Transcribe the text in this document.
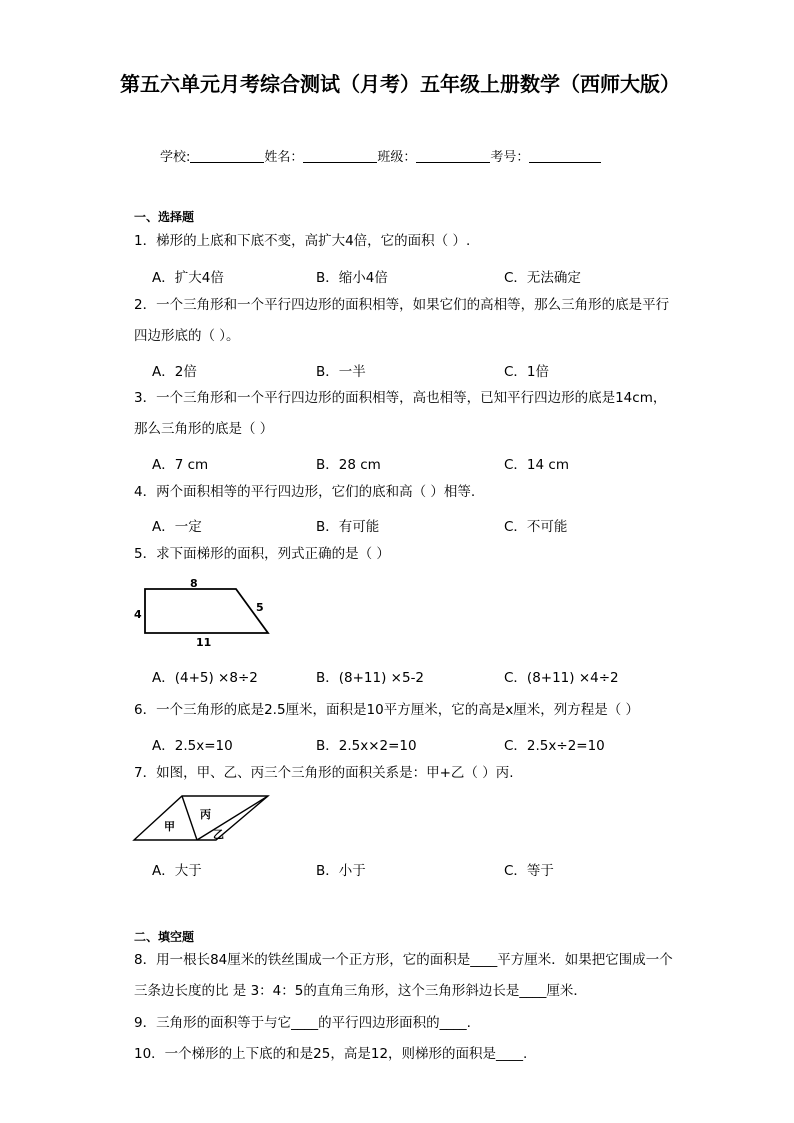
第五六单元月考综合测试（月考）五年级上册数学（西师大版）
学校:	姓名：	班级：	考号：
一、选择题
1．梯形的上底和下底不变，高扩大4倍，它的面积（ ）.
A．扩大4倍	B．缩小4倍	C．无法确定
2．一个三角形和一个平行四边形的面积相等，如果它们的高相等，那么三角形的底是平行四边形底的（ ）。
A．2倍	B．一半	C．1倍
3．一个三角形和一个平行四边形的面积相等，高也相等，已知平行四边形的底是14cm，那么三角形的底是（ ）
A．7 cm	B．28 cm	C．14 cm
4．两个面积相等的平行四边形，它们的底和高（ ）相等.
A．一定	B．有可能	C．不可能
5．求下面梯形的面积，列式正确的是（ ）
8
4
5
11
A．(4+5) ×8÷2	B．(8+11) ×5-2	C．(8+11) ×4÷2
6．一个三角形的底是2.5厘米，面积是10平方厘米，它的高是x厘米，列方程是（ ）
A．2.5x=10	B．2.5x×2=10	C．2.5x÷2=10
7．如图，甲、乙、丙三个三角形的面积关系是：甲+乙（ ）丙.
甲
丙
乙
A．大于	B．小于	C．等于
二、填空题
8．用一根长84厘米的铁丝围成一个正方形，它的面积是____平方厘米．如果把它围成一个三条边长度的比 是 3：4：5的直角三角形，这个三角形斜边长是____厘米．
9．三角形的面积等于与它____的平行四边形面积的____.
10．一个梯形的上下底的和是25，高是12，则梯形的面积是____.
